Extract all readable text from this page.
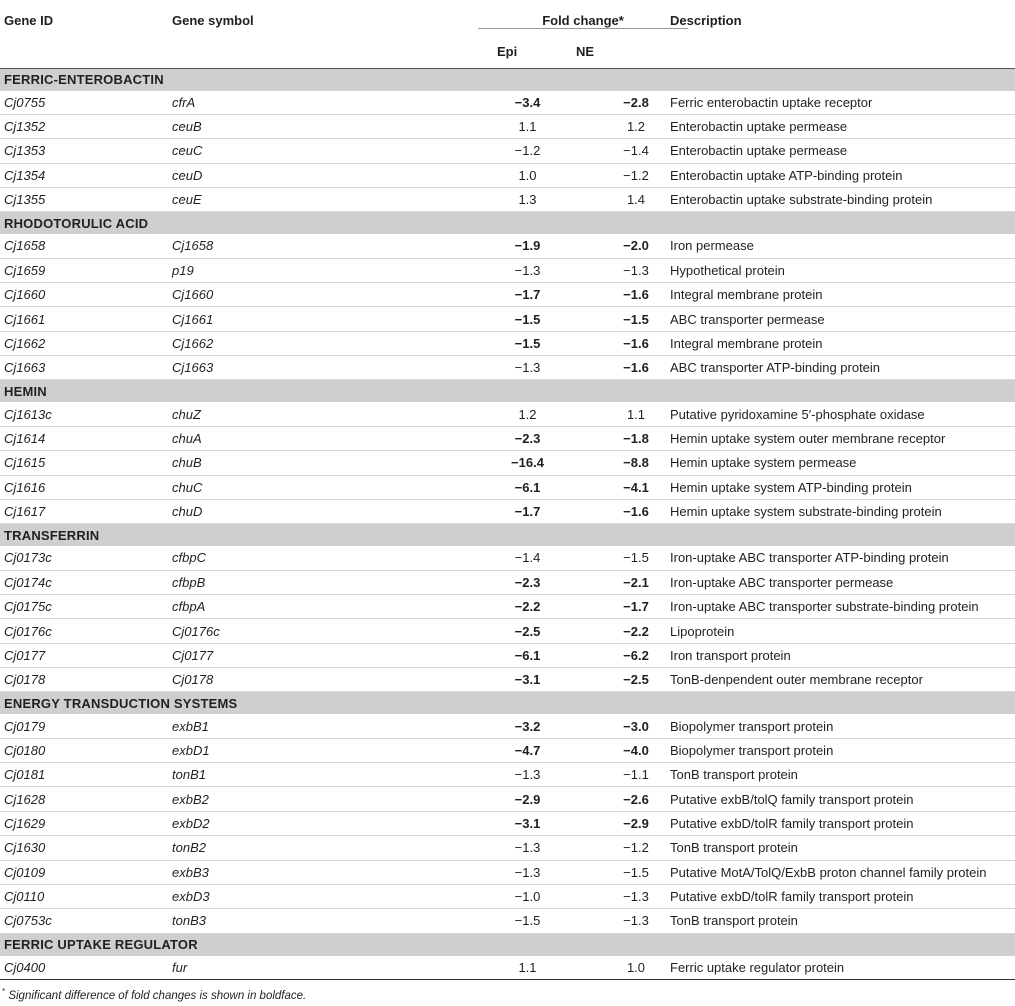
Gene ID	Gene symbol	Fold change*			Description
			Epi	NE	
FERRIC-ENTEROBACTIN					
Cj0755	cfrA		−3.4	−2.8	Ferric enterobactin uptake receptor
Cj1352	ceuB		1.1	1.2	Enterobactin uptake permease
Cj1353	ceuC		−1.2	−1.4	Enterobactin uptake permease
Cj1354	ceuD		1.0	−1.2	Enterobactin uptake ATP-binding protein
Cj1355	ceuE		1.3	1.4	Enterobactin uptake substrate-binding protein
RHODOTORULIC ACID					
Cj1658	Cj1658		−1.9	−2.0	Iron permease
Cj1659	p19		−1.3	−1.3	Hypothetical protein
Cj1660	Cj1660		−1.7	−1.6	Integral membrane protein
Cj1661	Cj1661		−1.5	−1.5	ABC transporter permease
Cj1662	Cj1662		−1.5	−1.6	Integral membrane protein
Cj1663	Cj1663		−1.3	−1.6	ABC transporter ATP-binding protein
HEMIN					
Cj1613c	chuZ		1.2	1.1	Putative pyridoxamine 5′-phosphate oxidase
Cj1614	chuA		−2.3	−1.8	Hemin uptake system outer membrane receptor
Cj1615	chuB		−16.4	−8.8	Hemin uptake system permease
Cj1616	chuC		−6.1	−4.1	Hemin uptake system ATP-binding protein
Cj1617	chuD		−1.7	−1.6	Hemin uptake system substrate-binding protein
TRANSFERRIN					
Cj0173c	cfbpC		−1.4	−1.5	Iron-uptake ABC transporter ATP-binding protein
Cj0174c	cfbpB		−2.3	−2.1	Iron-uptake ABC transporter permease
Cj0175c	cfbpA		−2.2	−1.7	Iron-uptake ABC transporter substrate-binding protein
Cj0176c	Cj0176c		−2.5	−2.2	Lipoprotein
Cj0177	Cj0177		−6.1	−6.2	Iron transport protein
Cj0178	Cj0178		−3.1	−2.5	TonB-denpendent outer membrane receptor
ENERGY TRANSDUCTION SYSTEMS					
Cj0179	exbB1		−3.2	−3.0	Biopolymer transport protein
Cj0180	exbD1		−4.7	−4.0	Biopolymer transport protein
Cj0181	tonB1		−1.3	−1.1	TonB transport protein
Cj1628	exbB2		−2.9	−2.6	Putative exbB/tolQ family transport protein
Cj1629	exbD2		−3.1	−2.9	Putative exbD/tolR family transport protein
Cj1630	tonB2		−1.3	−1.2	TonB transport protein
Cj0109	exbB3		−1.3	−1.5	Putative MotA/TolQ/ExbB proton channel family protein
Cj0110	exbD3		−1.0	−1.3	Putative exbD/tolR family transport protein
Cj0753c	tonB3		−1.5	−1.3	TonB transport protein
FERRIC UPTAKE REGULATOR					
Cj0400	fur		1.1	1.0	Ferric uptake regulator protein
* Significant difference of fold changes is shown in boldface.
